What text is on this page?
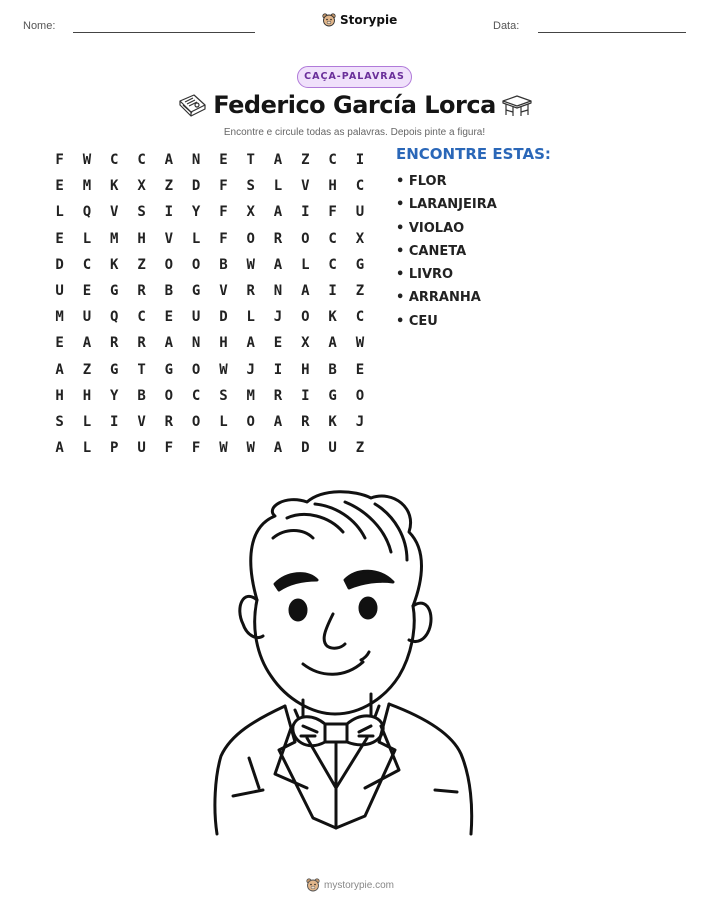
Nome:	Storypie	Data:
CAÇA-PALAVRAS
Federico García Lorca
Encontre e circule todas as palavras. Depois pinte a figura!
F	W	C	C	A	N	E	T	A	Z	C	I
E	M	K	X	Z	D	F	S	L	V	H	C
L	Q	V	S	I	Y	F	X	A	I	F	U
E	L	M	H	V	L	F	O	R	O	C	X
D	C	K	Z	O	O	B	W	A	L	C	G
U	E	G	R	B	G	V	R	N	A	I	Z
M	U	Q	C	E	U	D	L	J	O	K	C
E	A	R	R	A	N	H	A	E	X	A	W
A	Z	G	T	G	O	W	J	I	H	B	E
H	H	Y	B	O	C	S	M	R	I	G	O
S	L	I	V	R	O	L	O	A	R	K	J
A	L	P	U	F	F	W	W	A	D	U	Z
ENCONTRE ESTAS:
• FLOR
• LARANJEIRA
• VIOLAO
• CANETA
• LIVRO
• ARRANHA
• CEU
mystorypie.com
